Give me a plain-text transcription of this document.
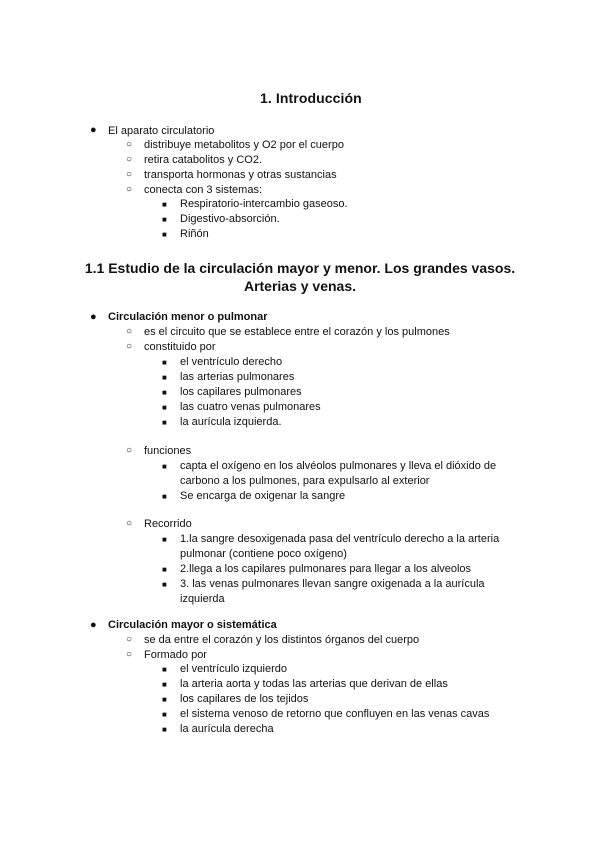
1. Introducción
● El aparato circulatorio
○ distribuye metabolitos y O2 por el cuerpo
○ retira catabolitos y CO2.
○ transporta hormonas y otras sustancias
○ conecta con 3 sistemas:
■ Respiratorio-intercambio gaseoso.
■ Digestivo-absorción.
■ Riñón
1.1 Estudio de la circulación mayor y menor. Los grandes vasos.
Arterias y venas.
● Circulación menor o pulmonar
○ es el circuito que se establece entre el corazón y los pulmones
○ constituido por
■ el ventrículo derecho
■ las arterias pulmonares
■ los capilares pulmonares
■ las cuatro venas pulmonares
■ la aurícula izquierda.
○ funciones
■ capta el oxígeno en los alvéolos pulmonares y lleva el dióxido de
carbono a los pulmones, para expulsarlo al exterior
■ Se encarga de oxigenar la sangre
○ Recorrido
■ 1.la sangre desoxigenada pasa del ventrículo derecho a la arteria
pulmonar (contiene poco oxígeno)
■ 2.llega a los capilares pulmonares para llegar a los alveolos
■ 3. las venas pulmonares llevan sangre oxigenada a la aurícula
izquierda
● Circulación mayor o sistemática
○ se da entre el corazón y los distintos órganos del cuerpo
○ Formado por
■ el ventrículo izquierdo
■ la arteria aorta y todas las arterias que derivan de ellas
■ los capilares de los tejidos
■ el sistema venoso de retorno que confluyen en las venas cavas
■ la aurícula derecha
